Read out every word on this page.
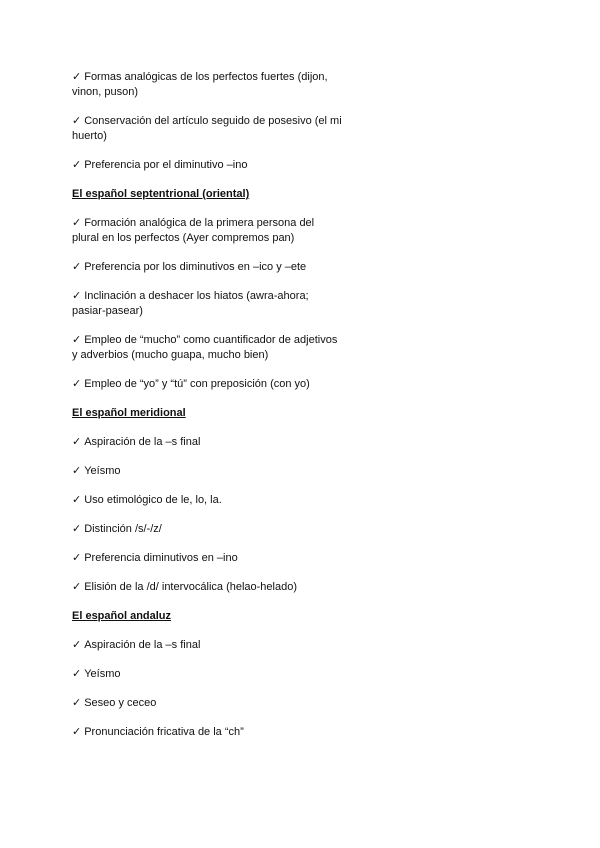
✓ Formas analógicas de los perfectos fuertes (dijon, vinon, puson)
✓ Conservación del artículo seguido de posesivo (el mi huerto)
✓ Preferencia por el diminutivo –ino
El español septentrional (oriental)
✓ Formación analógica de la primera persona del plural en los perfectos (Ayer compremos pan)
✓ Preferencia por los diminutivos en –ico y –ete
✓ Inclinación a deshacer los hiatos (awra-ahora; pasiar-pasear)
✓ Empleo de “mucho” como cuantificador de adjetivos y adverbios (mucho guapa, mucho bien)
✓ Empleo de “yo” y “tú” con preposición (con yo)
El español meridional
✓ Aspiración de la –s final
✓ Yeísmo
✓ Uso etimológico de le, lo, la.
✓ Distinción /s/-/z/
✓ Preferencia diminutivos en –ino
✓ Elisión de la /d/ intervocálica (helao-helado)
El español andaluz
✓ Aspiración de la –s final
✓ Yeísmo
✓ Seseo y ceceo
✓ Pronunciación fricativa de la “ch”
